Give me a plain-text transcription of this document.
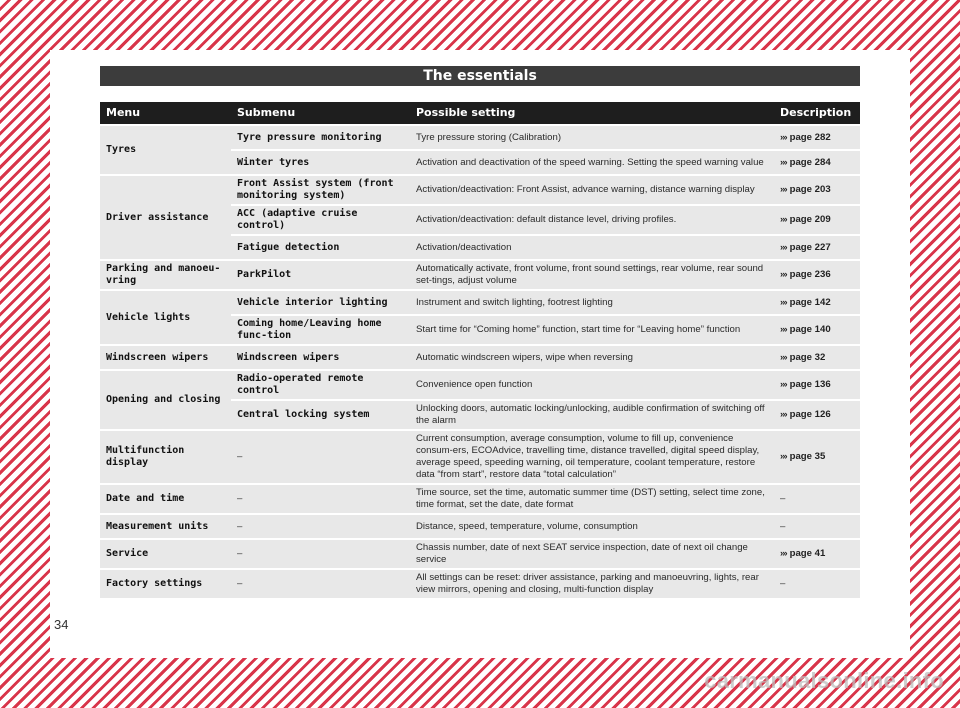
The essentials
Menu	Submenu	Possible setting	Description
Tyres	Tyre pressure monitoring	Tyre pressure storing (Calibration)	››› page 282
	Winter tyres	Activation and deactivation of the speed warning. Setting the speed warning value	››› page 284
Driver assistance	Front Assist system (front monitoring system)	Activation/deactivation: Front Assist, advance warning, distance warning display	››› page 203
	ACC (adaptive cruise control)	Activation/deactivation: default distance level, driving profiles.	››› page 209
	Fatigue detection	Activation/deactivation	››› page 227
Parking and manoeu-vring	ParkPilot	Automatically activate, front volume, front sound settings, rear volume, rear sound set-tings, adjust volume	››› page 236
Vehicle lights	Vehicle interior lighting	Instrument and switch lighting, footrest lighting	››› page 142
	Coming home/Leaving home func-tion	Start time for “Coming home” function, start time for “Leaving home” function	››› page 140
Windscreen wipers	Windscreen wipers	Automatic windscreen wipers, wipe when reversing	››› page 32
Opening and closing	Radio-operated remote control	Convenience open function	››› page 136
	Central locking system	Unlocking doors, automatic locking/unlocking, audible confirmation of switching off the alarm	››› page 126
Multifunction display	–	Current consumption, average consumption, volume to fill up, convenience consum-ers, ECOAdvice, travelling time, distance travelled, digital speed display, average speed, speeding warning, oil temperature, coolant temperature, restore data “from start”, restore data “total calculation”	››› page 35
Date and time	–	Time source, set the time, automatic summer time (DST) setting, select time zone, time format, set the date, date format	–
Measurement units	–	Distance, speed, temperature, volume, consumption	–
Service	–	Chassis number, date of next SEAT service inspection, date of next oil change service	››› page 41
Factory settings	–	All settings can be reset: driver assistance, parking and manoeuvring, lights, rear view mirrors, opening and closing, multi-function display	–
34
carmanualsonline.info
